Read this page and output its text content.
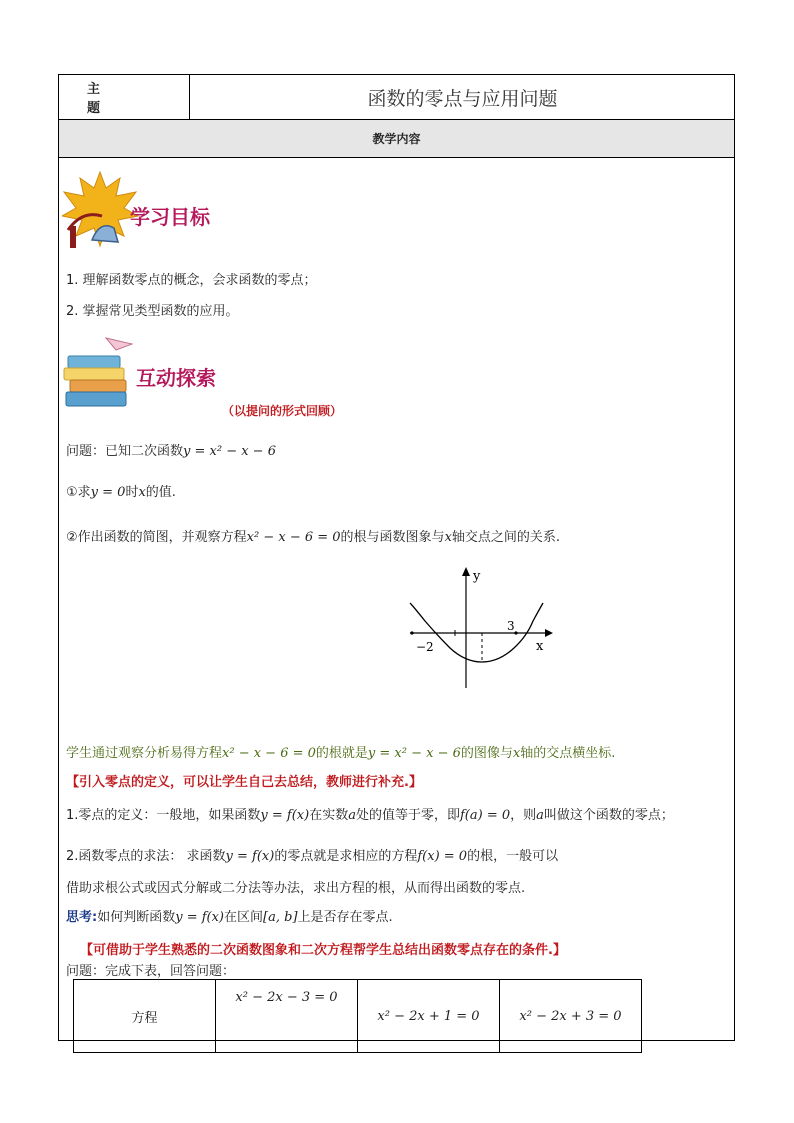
主 题	函数的零点与应用问题
教学内容
学习目标
1. 理解函数零点的概念，会求函数的零点；
2. 掌握常见类型函数的应用。
互动探索
（以提问的形式回顾）
问题：已知二次函数y = x² − x − 6
①求y = 0时x的值.
②作出函数的简图，并观察方程x² − x − 6 = 0的根与函数图象与x轴交点之间的关系.
y
x
−2
3
学生通过观察分析易得方程x² − x − 6 = 0的根就是y = x² − x − 6的图像与x轴的交点横坐标.
【引入零点的定义，可以让学生自己去总结，教师进行补充.】
1.零点的定义：一般地，如果函数y = f(x)在实数a处的值等于零，即f(a) = 0，则a叫做这个函数的零点；
2.函数零点的求法： 求函数y = f(x)的零点就是求相应的方程f(x) = 0的根，一般可以
借助求根公式或因式分解或二分法等办法，求出方程的根，从而得出函数的零点.
思考:如何判断函数y = f(x)在区间[a, b]上是否存在零点.
【可借助于学生熟悉的二次函数图象和二次方程帮学生总结出函数零点存在的条件.】
问题：完成下表，回答问题：
方程	x² − 2x − 3 = 0	x² − 2x + 1 = 0	x² − 2x + 3 = 0
